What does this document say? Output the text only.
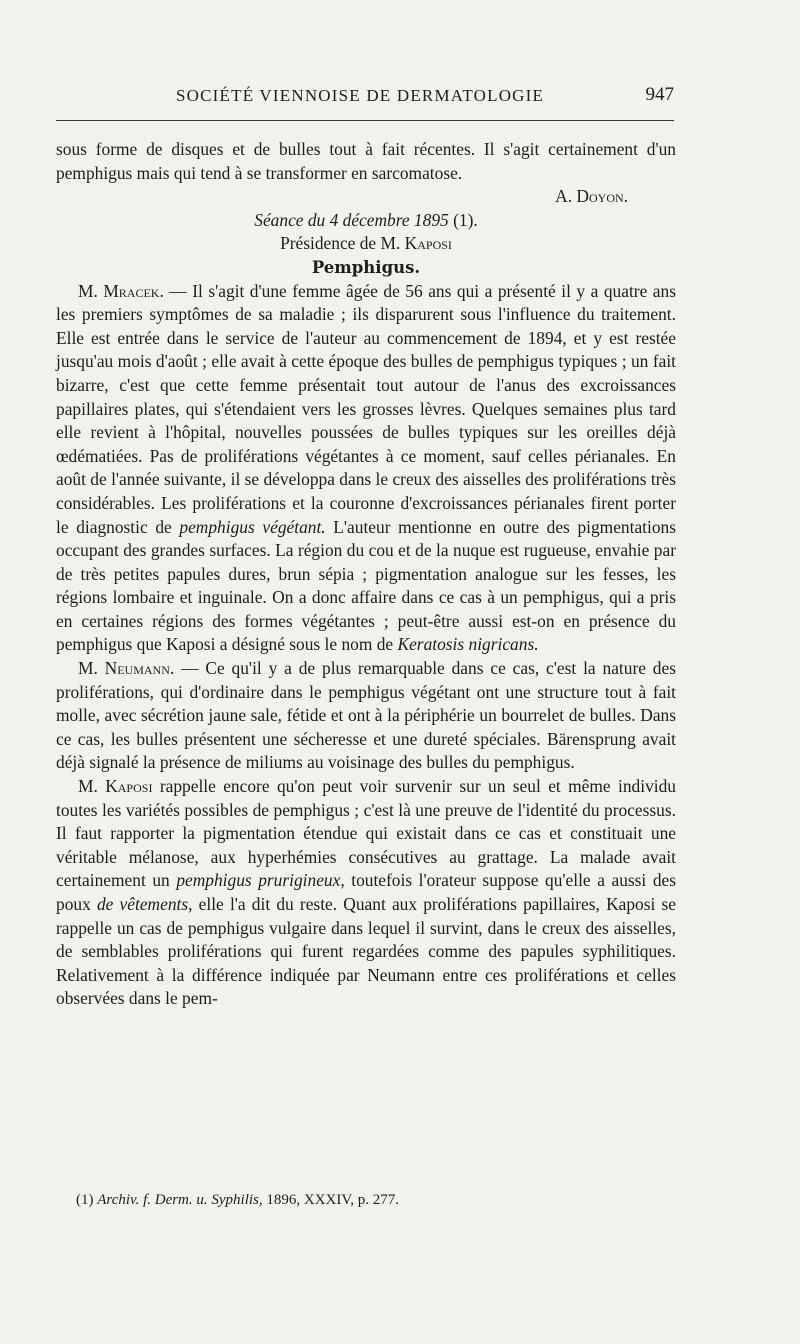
SOCIÉTÉ VIENNOISE DE DERMATOLOGIE	947

sous forme de disques et de bulles tout à fait récentes. Il s'agit certainement d'un pemphigus mais qui tend à se transformer en sarcomatose.

A. Doyon.

Séance du 4 décembre 1895 (1).

Présidence de M. Kaposi

Pemphigus.

M. Mracek. — Il s'agit d'une femme âgée de 56 ans qui a présenté il y a quatre ans les premiers symptômes de sa maladie ; ils disparurent sous l'influence du traitement. Elle est entrée dans le service de l'auteur au commencement de 1894, et y est restée jusqu'au mois d'août ; elle avait à cette époque des bulles de pemphigus typiques ; un fait bizarre, c'est que cette femme présentait tout autour de l'anus des excroissances papillaires plates, qui s'étendaient vers les grosses lèvres. Quelques semaines plus tard elle revient à l'hôpital, nouvelles poussées de bulles typiques sur les oreilles déjà œdématiées. Pas de proliférations végétantes à ce moment, sauf celles périanales. En août de l'année suivante, il se développa dans le creux des aisselles des proliférations très considérables. Les proliférations et la couronne d'excroissances périanales firent porter le diagnostic de pemphigus végétant. L'auteur mentionne en outre des pigmentations occupant des grandes surfaces. La région du cou et de la nuque est rugueuse, envahie par de très petites papules dures, brun sépia ; pigmentation analogue sur les fesses, les régions lombaire et inguinale. On a donc affaire dans ce cas à un pemphigus, qui a pris en certaines régions des formes végétantes ; peut-être aussi est-on en présence du pemphigus que Kaposi a désigné sous le nom de Keratosis nigricans.

M. Neumann. — Ce qu'il y a de plus remarquable dans ce cas, c'est la nature des proliférations, qui d'ordinaire dans le pemphigus végétant ont une structure tout à fait molle, avec sécrétion jaune sale, fétide et ont à la périphérie un bourrelet de bulles. Dans ce cas, les bulles présentent une sécheresse et une dureté spéciales. Bärensprung avait déjà signalé la présence de miliums au voisinage des bulles du pemphigus.

M. Kaposi rappelle encore qu'on peut voir survenir sur un seul et même individu toutes les variétés possibles de pemphigus ; c'est là une preuve de l'identité du processus. Il faut rapporter la pigmentation étendue qui existait dans ce cas et constituait une véritable mélanose, aux hyperhémies consécutives au grattage. La malade avait certainement un pemphigus prurigineux, toutefois l'orateur suppose qu'elle a aussi des poux de vêtements, elle l'a dit du reste. Quant aux proliférations papillaires, Kaposi se rappelle un cas de pemphigus vulgaire dans lequel il survint, dans le creux des aisselles, de semblables proliférations qui furent regardées comme des papules syphilitiques. Relativement à la différence indiquée par Neumann entre ces proliférations et celles observées dans le pem-

(1) Archiv. f. Derm. u. Syphilis, 1896, XXXIV, p. 277.
